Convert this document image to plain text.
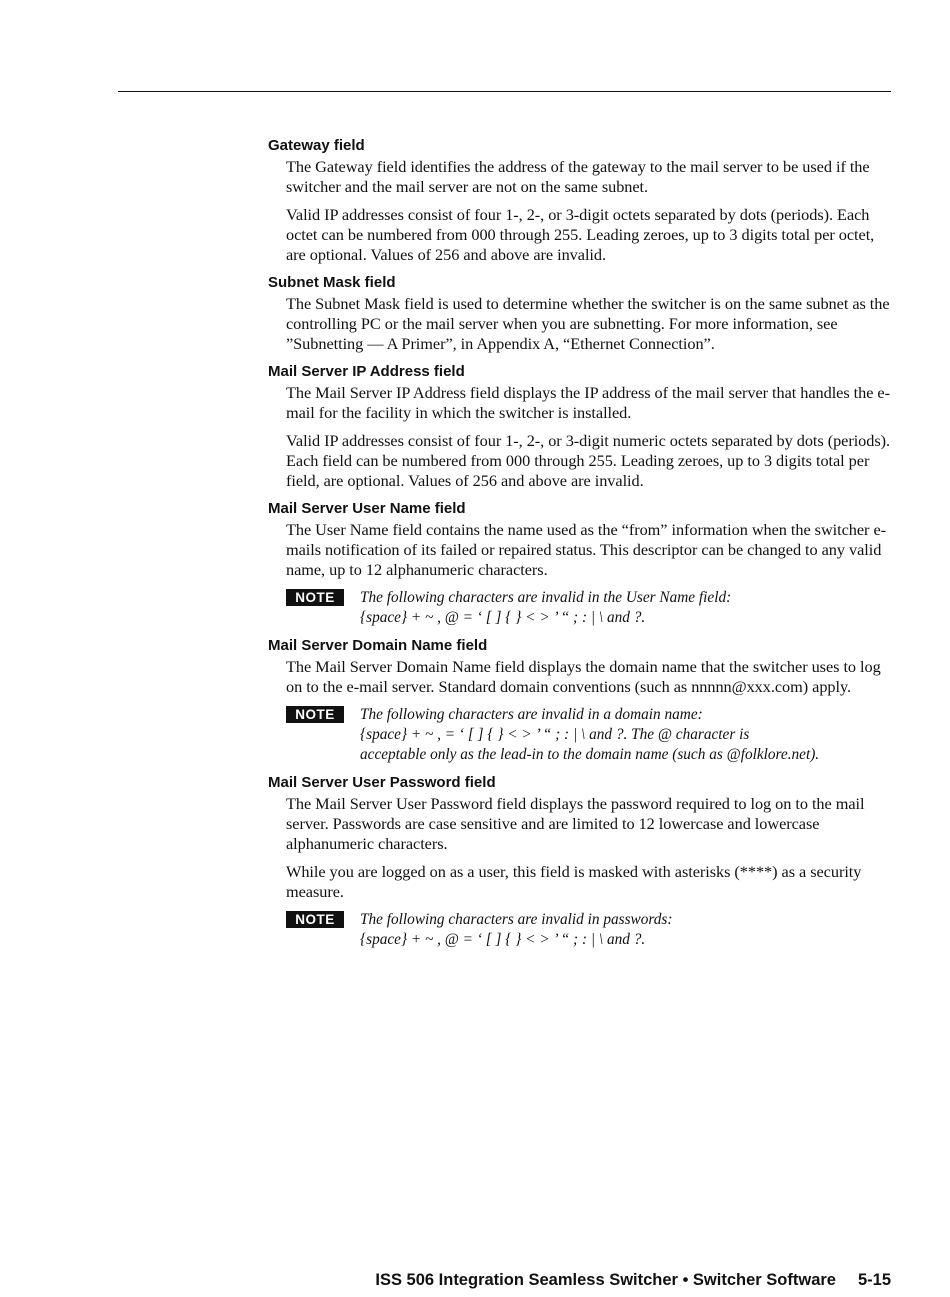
Gateway field

The Gateway field identifies the address of the gateway to the mail server to be used if the switcher and the mail server are not on the same subnet.

Valid IP addresses consist of four 1-, 2-, or 3-digit octets separated by dots (periods). Each octet can be numbered from 000 through 255. Leading zeroes, up to 3 digits total per octet, are optional. Values of 256 and above are invalid.

Subnet Mask field

The Subnet Mask field is used to determine whether the switcher is on the same subnet as the controlling PC or the mail server when you are subnetting. For more information, see ”Subnetting — A Primer”, in Appendix A, “Ethernet Connection”.

Mail Server IP Address field

The Mail Server IP Address field displays the IP address of the mail server that handles the e-mail for the facility in which the switcher is installed.

Valid IP addresses consist of four 1-, 2-, or 3-digit numeric octets separated by dots (periods). Each field can be numbered from 000 through 255. Leading zeroes, up to 3 digits total per field, are optional. Values of 256 and above are invalid.

Mail Server User Name field

The User Name field contains the name used as the “from” information when the switcher e-mails notification of its failed or repaired status. This descriptor can be changed to any valid name, up to 12 alphanumeric characters.

NOTE	The following characters are invalid in the User Name field:
{space} + ~ , @ = ‘ [ ] { } < > ’ “ ; : | \ and ?.
Mail Server Domain Name field

The Mail Server Domain Name field displays the domain name that the switcher uses to log on to the e-mail server. Standard domain conventions (such as nnnnn@xxx.com) apply.

NOTE	The following characters are invalid in a domain name:
{space} + ~ , = ‘ [ ] { } < > ’ “ ; : | \ and ?. The @ character is
acceptable only as the lead-in to the domain name (such as @folklore.net).
Mail Server User Password field

The Mail Server User Password field displays the password required to log on to the mail server. Passwords are case sensitive and are limited to 12 lowercase and lowercase alphanumeric characters.

While you are logged on as a user, this field is masked with asterisks (****) as a security measure.

NOTE	The following characters are invalid in passwords:
{space} + ~ , @ = ‘ [ ] { } < > ’ “ ; : | \ and ?.
ISS 506 Integration Seamless Switcher • Switcher Software 5-15
